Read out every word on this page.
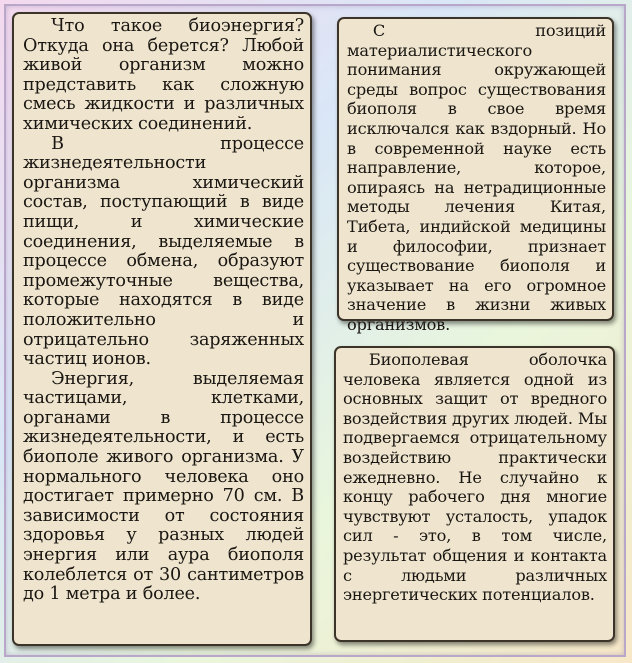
Что такое биоэнергия? Откуда она берется? Любой живой организм можно представить как сложную смесь жидкости и различных химических соединений.

В процессе жизнедеятельности организма химический состав, поступающий в виде пищи, и химические соединения, выделяемые в процессе обмена, образуют промежуточные вещества, которые находятся в виде положительно и отрицательно заряженных частиц ионов.

Энергия, выделяемая частицами, клетками, органами в процессе жизнедеятельности, и есть биополе живого организма. У нормального человека оно достигает примерно 70 см. В зависимости от состояния здоровья у разных людей энергия или аура биополя колеблется от 30 сантиметров до 1 метра и более.

С позиций материалистического понимания окружающей среды вопрос существования биополя в свое время исключался как вздорный. Но в современной науке есть направление, которое, опираясь на нетрадиционные методы лечения Китая, Тибета, индийской медицины и философии, признает существование биополя и указывает на его огромное значение в жизни живых организмов.

Биополевая оболочка человека является одной из основных защит от вредного воздействия других людей. Мы подвергаемся отрицательному воздействию практически ежедневно. Не случайно к концу рабочего дня многие чувствуют усталость, упадок сил - это, в том числе, результат общения и контакта с людьми различных энергетических потенциалов.
